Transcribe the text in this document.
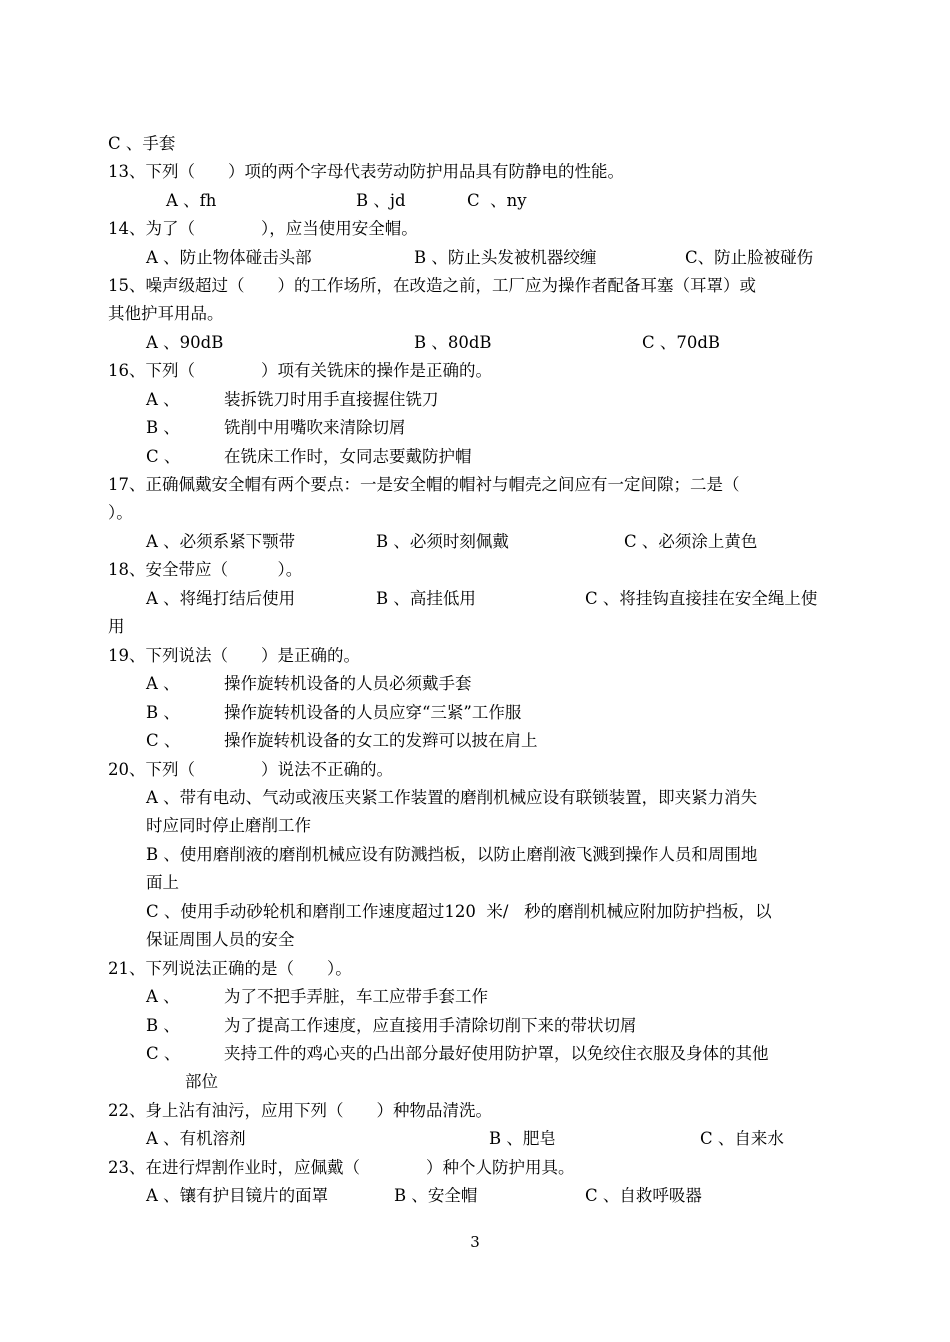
C 、手套
13、下列（　　）项的两个字母代表劳动防护用品具有防静电的性能。
A 、fh	B 、jd	C  、ny
14、为了（　　　　），应当使用安全帽。
A 、防止物体碰击头部	B 、防止头发被机器绞缠	C、防止脸被碰伤
15、噪声级超过（　　）的工作场所，在改造之前，工厂应为操作者配备耳塞（耳罩）或
其他护耳用品。
A 、90dB	B 、80dB	C 、70dB
16、下列（　　　　）项有关铣床的操作是正确的。
A 、	装拆铣刀时用手直接握住铣刀
B 、	铣削中用嘴吹来清除切屑
C 、	在铣床工作时，女同志要戴防护帽
17、正确佩戴安全帽有两个要点：一是安全帽的帽衬与帽壳之间应有一定间隙；二是（
）。
A 、必须系紧下颚带	B 、必须时刻佩戴	C 、必须涂上黄色
18、安全带应（　　　）。
A 、将绳打结后使用	B 、高挂低用	C 、将挂钩直接挂在安全绳上使
用
19、下列说法（　　）是正确的。
A 、	操作旋转机设备的人员必须戴手套
B 、	操作旋转机设备的人员应穿“三紧”工作服
C 、	操作旋转机设备的女工的发辫可以披在肩上
20、下列（　　　　）说法不正确的。
A 、带有电动、气动或液压夹紧工作装置的磨削机械应设有联锁装置，即夹紧力消失
时应同时停止磨削工作
B 、使用磨削液的磨削机械应设有防溅挡板，以防止磨削液飞溅到操作人员和周围地
面上
C 、使用手动砂轮机和磨削工作速度超过120  米/   秒的磨削机械应附加防护挡板，以
保证周围人员的安全
21、下列说法正确的是（　　）。
A 、	为了不把手弄脏，车工应带手套工作
B 、	为了提高工作速度，应直接用手清除切削下来的带状切屑
C 、	夹持工件的鸡心夹的凸出部分最好使用防护罩，以免绞住衣服及身体的其他
部位
22、身上沾有油污，应用下列（　　）种物品清洗。
A 、有机溶剂	B 、肥皂	C 、自来水
23、在进行焊割作业时，应佩戴（　　　　）种个人防护用具。
A 、镶有护目镜片的面罩	B 、安全帽	C 、自救呼吸器
3
